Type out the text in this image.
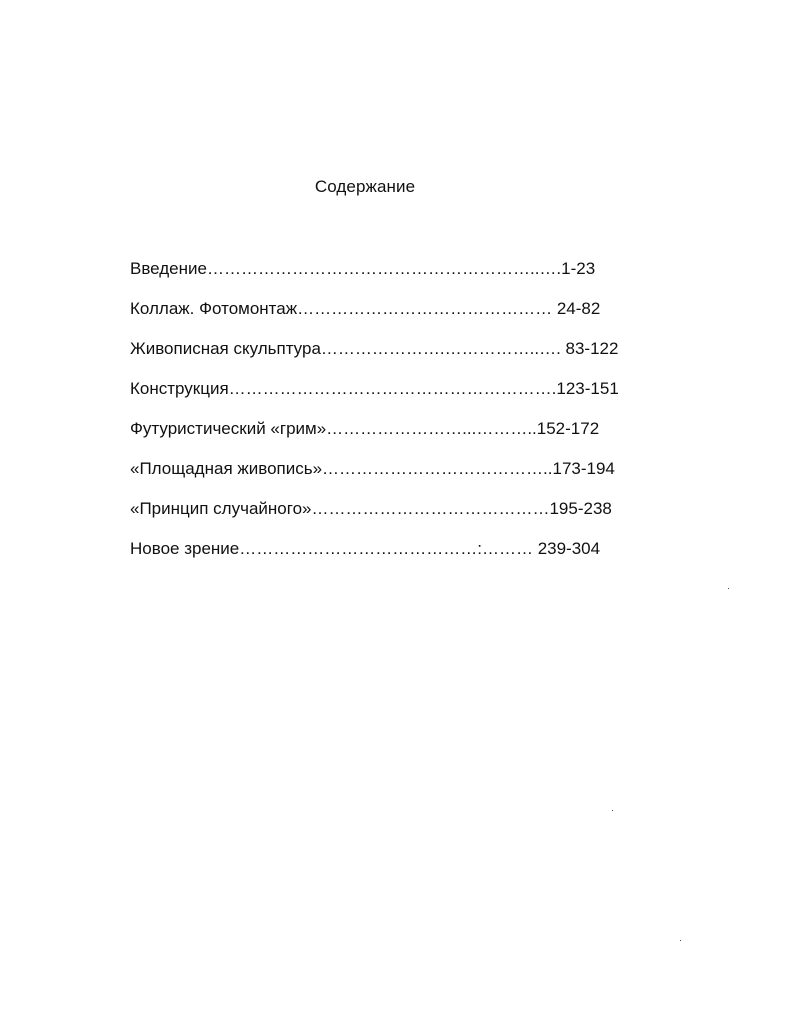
Содержание
Введение…………………………………………………..….1-23
Коллаж. Фотомонтаж……………………………………… 24-82
Живописная скульптура………………….……………..…. 83-122
Конструкция………………………………………………….123-151
Футуристический «грим»……………………...………..152-172
«Площадная живопись»…………………………………..173-194
«Принцип случайного»……………………………………195-238
Новое зрение……………………………………:……… 239-304
